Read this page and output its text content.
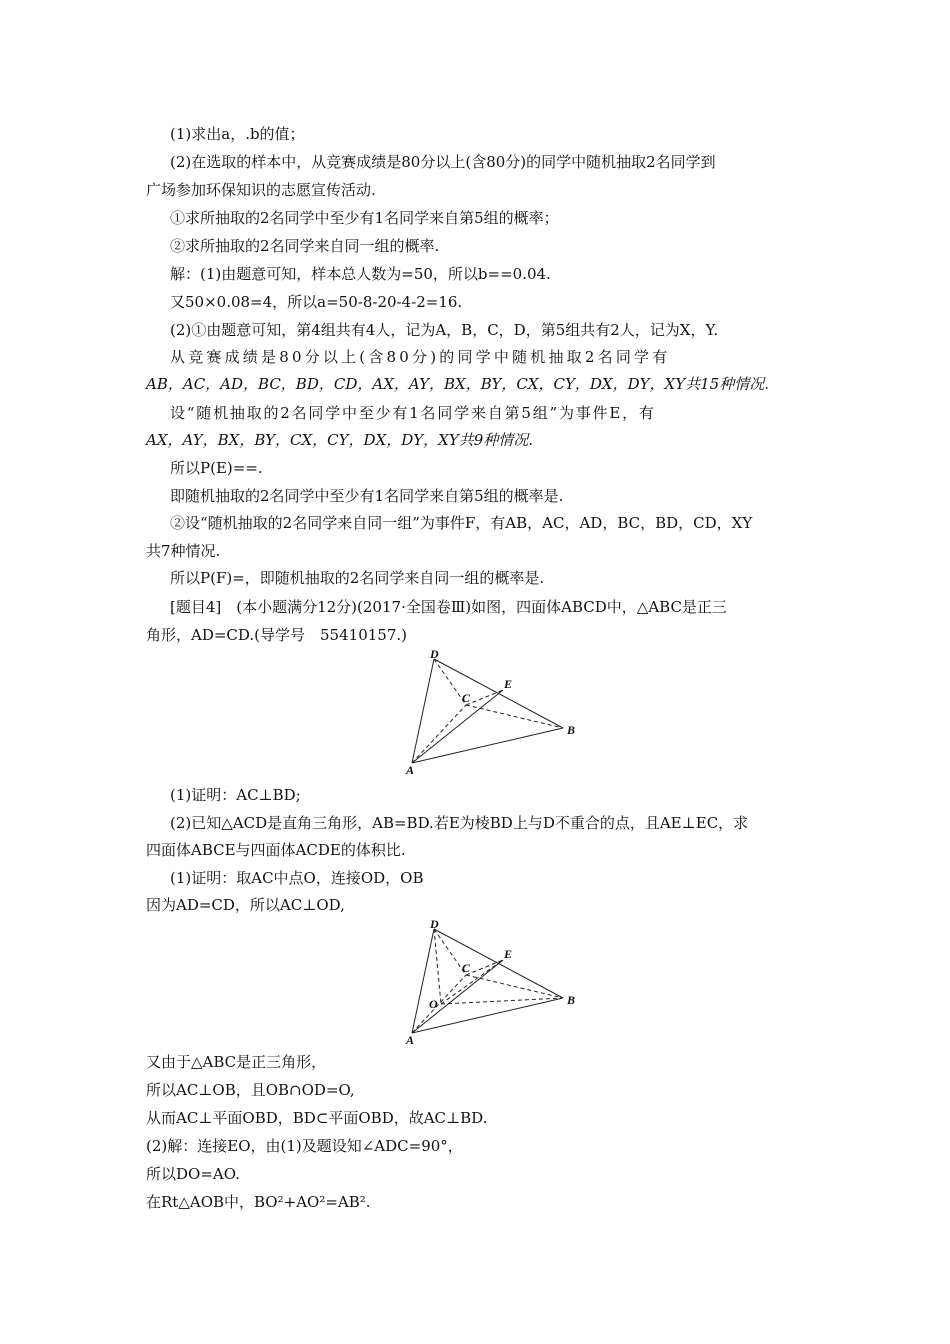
(1)求出a，.b的值；
(2)在选取的样本中，从竞赛成绩是80分以上(含80分)的同学中随机抽取2名同学到
广场参加环保知识的志愿宣传活动.
①求所抽取的2名同学中至少有1名同学来自第5组的概率；
②求所抽取的2名同学来自同一组的概率.
解：(1)由题意可知，样本总人数为=50，所以b==0.04.
又50×0.08=4，所以a=50-8-20-4-2=16.
(2)①由题意可知，第4组共有4人，记为A，B，C，D，第5组共有2人，记为X，Y.
从竞赛成绩是80分以上(含80分)的同学中随机抽取2名同学有
AB，AC，AD，BC，BD，CD，AX，AY，BX，BY，CX，CY，DX，DY，XY共15种情况.
设“随机抽取的2名同学中至少有1名同学来自第5组”为事件E，有
AX，AY，BX，BY，CX，CY，DX，DY，XY共9种情况.
所以P(E)==.
即随机抽取的2名同学中至少有1名同学来自第5组的概率是.
②设“随机抽取的2名同学来自同一组”为事件F，有AB，AC，AD，BC，BD，CD，XY
共7种情况.
所以P(F)=，即随机抽取的2名同学来自同一组的概率是.
[题目4]　(本小题满分12分)(2017·全国卷Ⅲ)如图，四面体ABCD中，△ABC是正三
角形，AD=CD.(导学号　55410157.)
D
C
E
B
A
(1)证明：AC⊥BD;
(2)已知△ACD是直角三角形，AB=BD.若E为棱BD上与D不重合的点，且AE⊥EC，求
四面体ABCE与四面体ACDE的体积比.
(1)证明：取AC中点O，连接OD，OB
因为AD=CD，所以AC⊥OD,
D
C
E
O	B
A
又由于△ABC是正三角形，
所以AC⊥OB，且OB∩OD=O,
从而AC⊥平面OBD，BD⊂平面OBD，故AC⊥BD.
(2)解：连接EO，由(1)及题设知∠ADC=90°，
所以DO=AO.
在Rt△AOB中，BO²+AO²=AB².
